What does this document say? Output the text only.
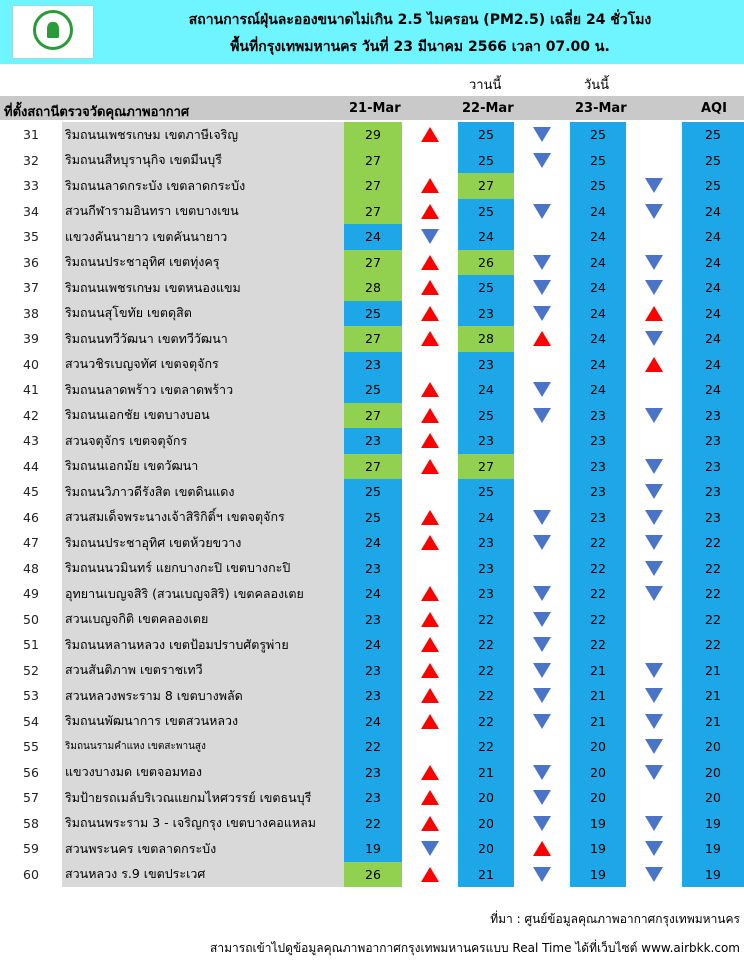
สถานการณ์ฝุ่นละอองขนาดไม่เกิน 2.5 ไมครอน (PM2.5) เฉลี่ย 24 ชั่วโมง
พื้นที่กรุงเทพมหานคร วันที่ 23 มีนาคม 2566 เวลา 07.00 น.
วานนี้	วันนี้
ที่ตั้งสถานีตรวจวัดคุณภาพอากาศ	21-Mar	22-Mar	23-Mar	AQI
31	ริมถนนเพชรเกษม เขตภาษีเจริญ	29	25	25	25
32	ริมถนนสีหบุรานุกิจ เขตมีนบุรี	27	25	25	25
33	ริมถนนลาดกระบัง เขตลาดกระบัง	27	27	25	25
34	สวนกีฬารามอินทรา เขตบางเขน	27	25	24	24
35	แขวงคันนายาว เขตคันนายาว	24	24	24	24
36	ริมถนนประชาอุทิศ เขตทุ่งครุ	27	26	24	24
37	ริมถนนเพชรเกษม เขตหนองแขม	28	25	24	24
38	ริมถนนสุโขทัย เขตดุสิต	25	23	24	24
39	ริมถนนทวีวัฒนา เขตทวีวัฒนา	27	28	24	24
40	สวนวชิรเบญจทัศ เขตจตุจักร	23	23	24	24
41	ริมถนนลาดพร้าว เขตลาดพร้าว	25	24	24	24
42	ริมถนนเอกชัย เขตบางบอน	27	25	23	23
43	สวนจตุจักร เขตจตุจักร	23	23	23	23
44	ริมถนนเอกมัย เขตวัฒนา	27	27	23	23
45	ริมถนนวิภาวดีรังสิต เขตดินแดง	25	25	23	23
46	สวนสมเด็จพระนางเจ้าสิริกิติ์ฯ เขตจตุจักร	25	24	23	23
47	ริมถนนประชาอุทิศ เขตห้วยขวาง	24	23	22	22
48	ริมถนนนวมินทร์ แยกบางกะปิ เขตบางกะปิ	23	23	22	22
49	อุทยานเบญจสิริ (สวนเบญจสิริ) เขตคลองเตย	24	23	22	22
50	สวนเบญจกิติ เขตคลองเตย	23	22	22	22
51	ริมถนนหลานหลวง เขตป้อมปราบศัตรูพ่าย	24	22	22	22
52	สวนสันติภาพ เขตราชเทวี	23	22	21	21
53	สวนหลวงพระราม 8 เขตบางพลัด	23	22	21	21
54	ริมถนนพัฒนาการ เขตสวนหลวง	24	22	21	21
55	ริมถนนรามคำแหง เขตสะพานสูง	22	22	20	20
56	แขวงบางมด เขตจอมทอง	23	21	20	20
57	ริมป้ายรถเมล์บริเวณแยกมไหศวรรย์ เขตธนบุรี	23	20	20	20
58	ริมถนนพระราม 3 - เจริญกรุง เขตบางคอแหลม	22	20	19	19
59	สวนพระนคร เขตลาดกระบัง	19	20	19	19
60	สวนหลวง ร.9 เขตประเวศ	26	21	19	19
ที่มา : ศูนย์ข้อมูลคุณภาพอากาศกรุงเทพมหานคร
สามารถเข้าไปดูข้อมูลคุณภาพอากาศกรุงเทพมหานครแบบ Real Time ได้ที่เว็บไซต์ www.airbkk.com
